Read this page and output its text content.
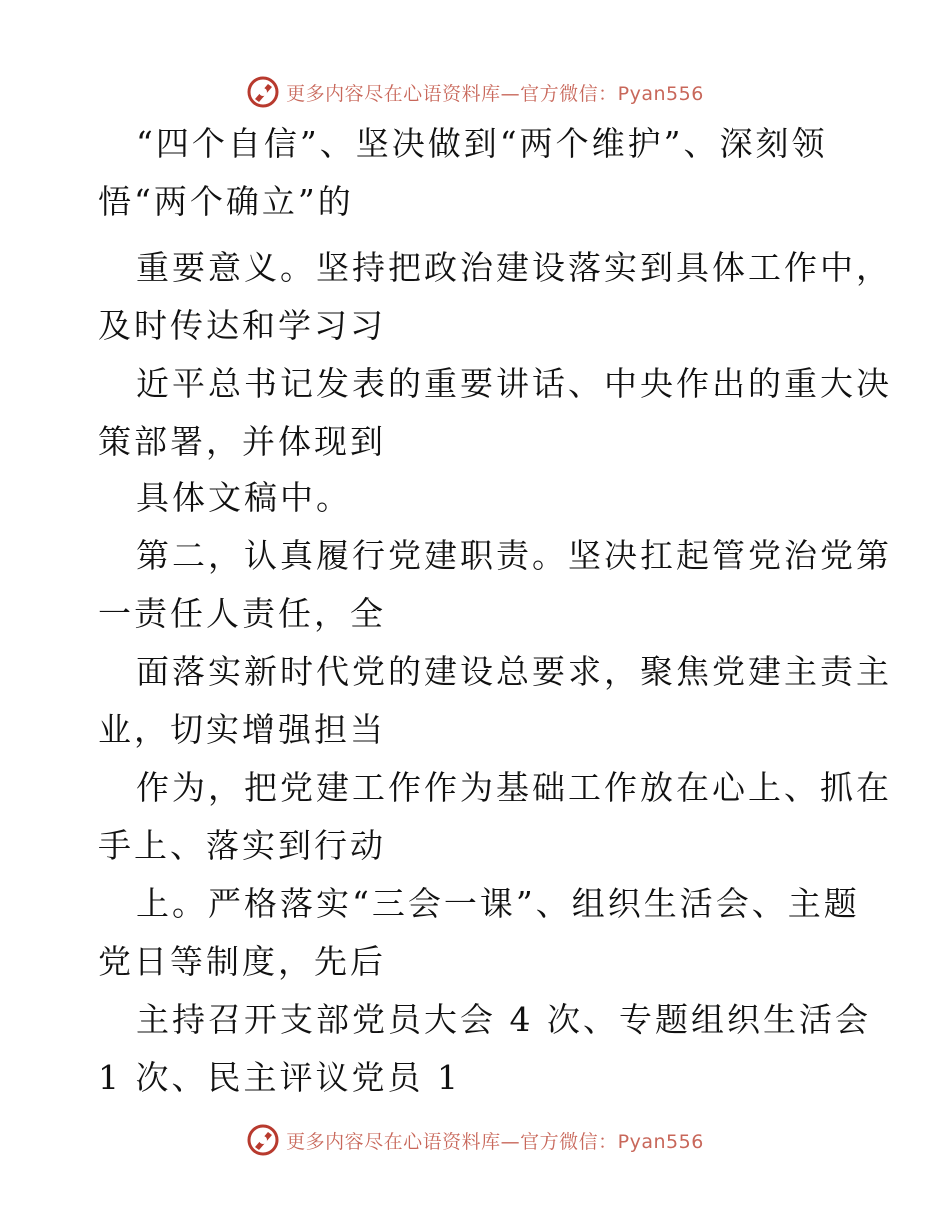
更多内容尽在心语资料库—官方微信：Pyan556
“四个自信”、坚决做到“两个维护”、深刻领
悟“两个确立”的
重要意义。坚持把政治建设落实到具体工作中，
及时传达和学习习
近平总书记发表的重要讲话、中央作出的重大决
策部署，并体现到
具体文稿中。
第二，认真履行党建职责。坚决扛起管党治党第
一责任人责任，全
面落实新时代党的建设总要求，聚焦党建主责主
业，切实增强担当
作为，把党建工作作为基础工作放在心上、抓在
手上、落实到行动
上。严格落实“三会一课”、组织生活会、主题
党日等制度，先后
主持召开支部党员大会 4 次、专题组织生活会
1 次、民主评议党员 1
更多内容尽在心语资料库—官方微信：Pyan556
